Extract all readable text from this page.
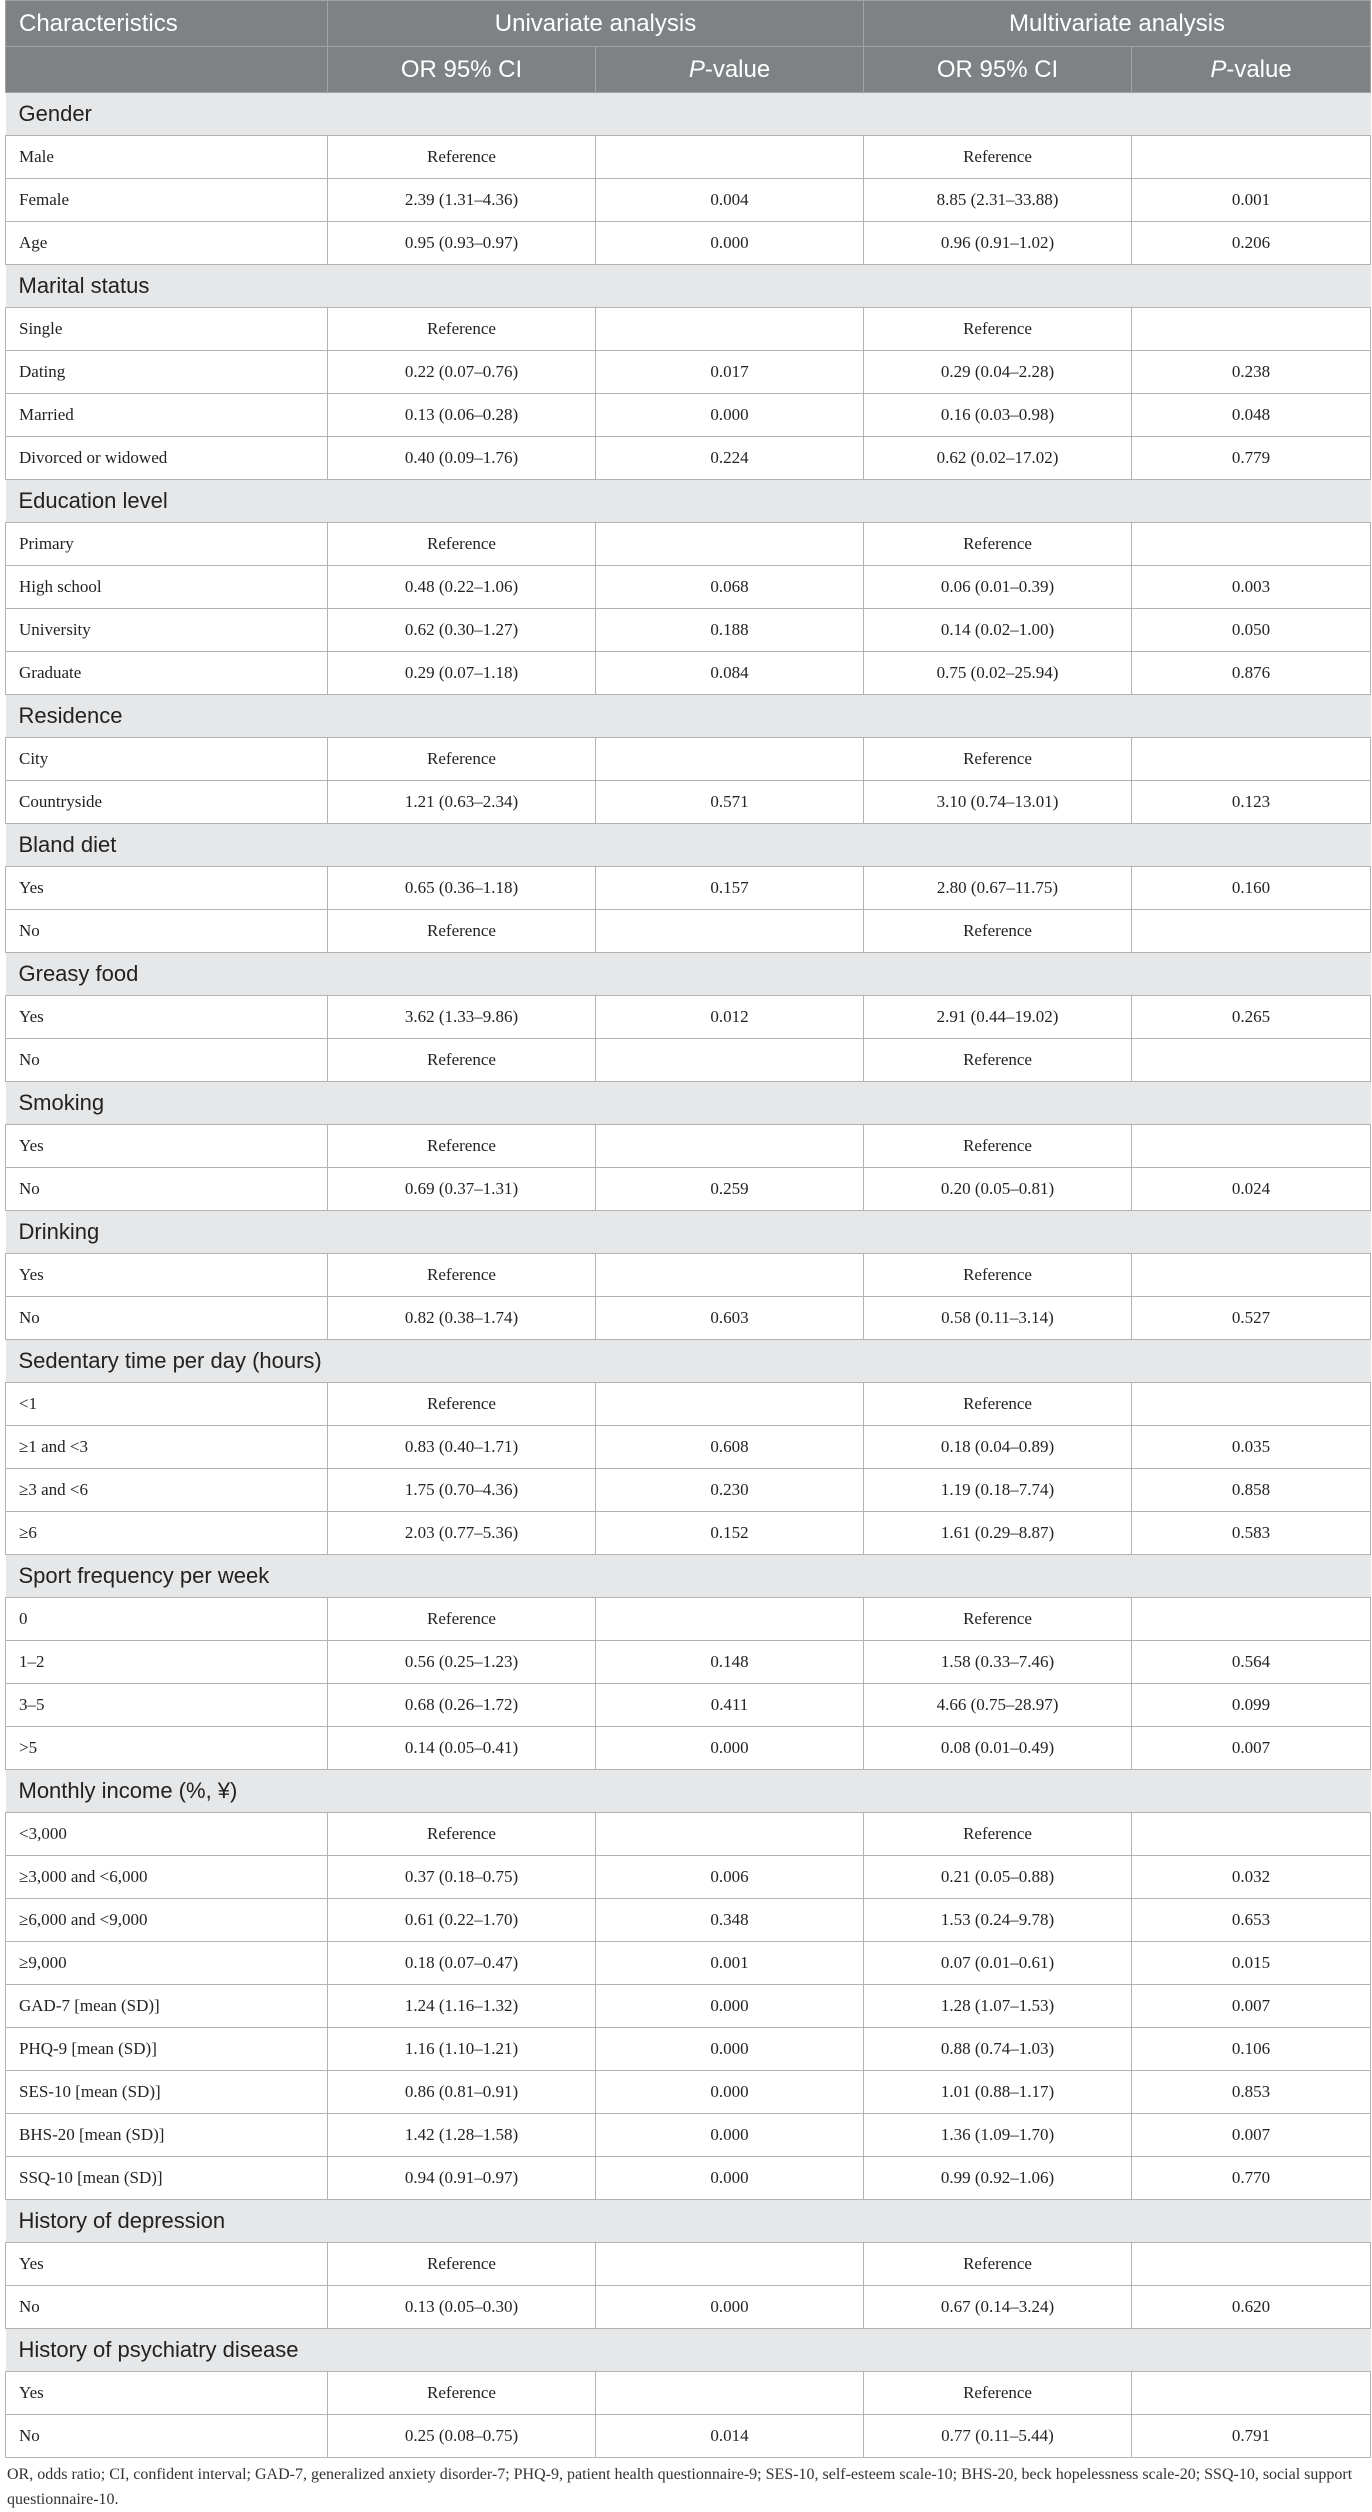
Characteristics	Univariate analysis		Multivariate analysis	
	OR 95% CI	P-value	OR 95% CI	P-value
Gender				
Male	Reference		Reference	
Female	2.39 (1.31–4.36)	0.004	8.85 (2.31–33.88)	0.001
Age	0.95 (0.93–0.97)	0.000	0.96 (0.91–1.02)	0.206
Marital status				
Single	Reference		Reference	
Dating	0.22 (0.07–0.76)	0.017	0.29 (0.04–2.28)	0.238
Married	0.13 (0.06–0.28)	0.000	0.16 (0.03–0.98)	0.048
Divorced or widowed	0.40 (0.09–1.76)	0.224	0.62 (0.02–17.02)	0.779
Education level				
Primary	Reference		Reference	
High school	0.48 (0.22–1.06)	0.068	0.06 (0.01–0.39)	0.003
University	0.62 (0.30–1.27)	0.188	0.14 (0.02–1.00)	0.050
Graduate	0.29 (0.07–1.18)	0.084	0.75 (0.02–25.94)	0.876
Residence				
City	Reference		Reference	
Countryside	1.21 (0.63–2.34)	0.571	3.10 (0.74–13.01)	0.123
Bland diet				
Yes	0.65 (0.36–1.18)	0.157	2.80 (0.67–11.75)	0.160
No	Reference		Reference	
Greasy food				
Yes	3.62 (1.33–9.86)	0.012	2.91 (0.44–19.02)	0.265
No	Reference		Reference	
Smoking				
Yes	Reference		Reference	
No	0.69 (0.37–1.31)	0.259	0.20 (0.05–0.81)	0.024
Drinking				
Yes	Reference		Reference	
No	0.82 (0.38–1.74)	0.603	0.58 (0.11–3.14)	0.527
Sedentary time per day (hours)				
<1	Reference		Reference	
≥1 and <3	0.83 (0.40–1.71)	0.608	0.18 (0.04–0.89)	0.035
≥3 and <6	1.75 (0.70–4.36)	0.230	1.19 (0.18–7.74)	0.858
≥6	2.03 (0.77–5.36)	0.152	1.61 (0.29–8.87)	0.583
Sport frequency per week				
0	Reference		Reference	
1–2	0.56 (0.25–1.23)	0.148	1.58 (0.33–7.46)	0.564
3–5	0.68 (0.26–1.72)	0.411	4.66 (0.75–28.97)	0.099
>5	0.14 (0.05–0.41)	0.000	0.08 (0.01–0.49)	0.007
Monthly income (%, ¥)				
<3,000	Reference		Reference	
≥3,000 and <6,000	0.37 (0.18–0.75)	0.006	0.21 (0.05–0.88)	0.032
≥6,000 and <9,000	0.61 (0.22–1.70)	0.348	1.53 (0.24–9.78)	0.653
≥9,000	0.18 (0.07–0.47)	0.001	0.07 (0.01–0.61)	0.015
GAD-7 [mean (SD)]	1.24 (1.16–1.32)	0.000	1.28 (1.07–1.53)	0.007
PHQ-9 [mean (SD)]	1.16 (1.10–1.21)	0.000	0.88 (0.74–1.03)	0.106
SES-10 [mean (SD)]	0.86 (0.81–0.91)	0.000	1.01 (0.88–1.17)	0.853
BHS-20 [mean (SD)]	1.42 (1.28–1.58)	0.000	1.36 (1.09–1.70)	0.007
SSQ-10 [mean (SD)]	0.94 (0.91–0.97)	0.000	0.99 (0.92–1.06)	0.770
History of depression				
Yes	Reference		Reference	
No	0.13 (0.05–0.30)	0.000	0.67 (0.14–3.24)	0.620
History of psychiatry disease				
Yes	Reference		Reference	
No	0.25 (0.08–0.75)	0.014	0.77 (0.11–5.44)	0.791
OR, odds ratio; CI, confident interval; GAD-7, generalized anxiety disorder-7; PHQ-9, patient health questionnaire-9; SES-10, self-esteem scale-10; BHS-20, beck hopelessness scale-20; SSQ-10, social support questionnaire-10.
